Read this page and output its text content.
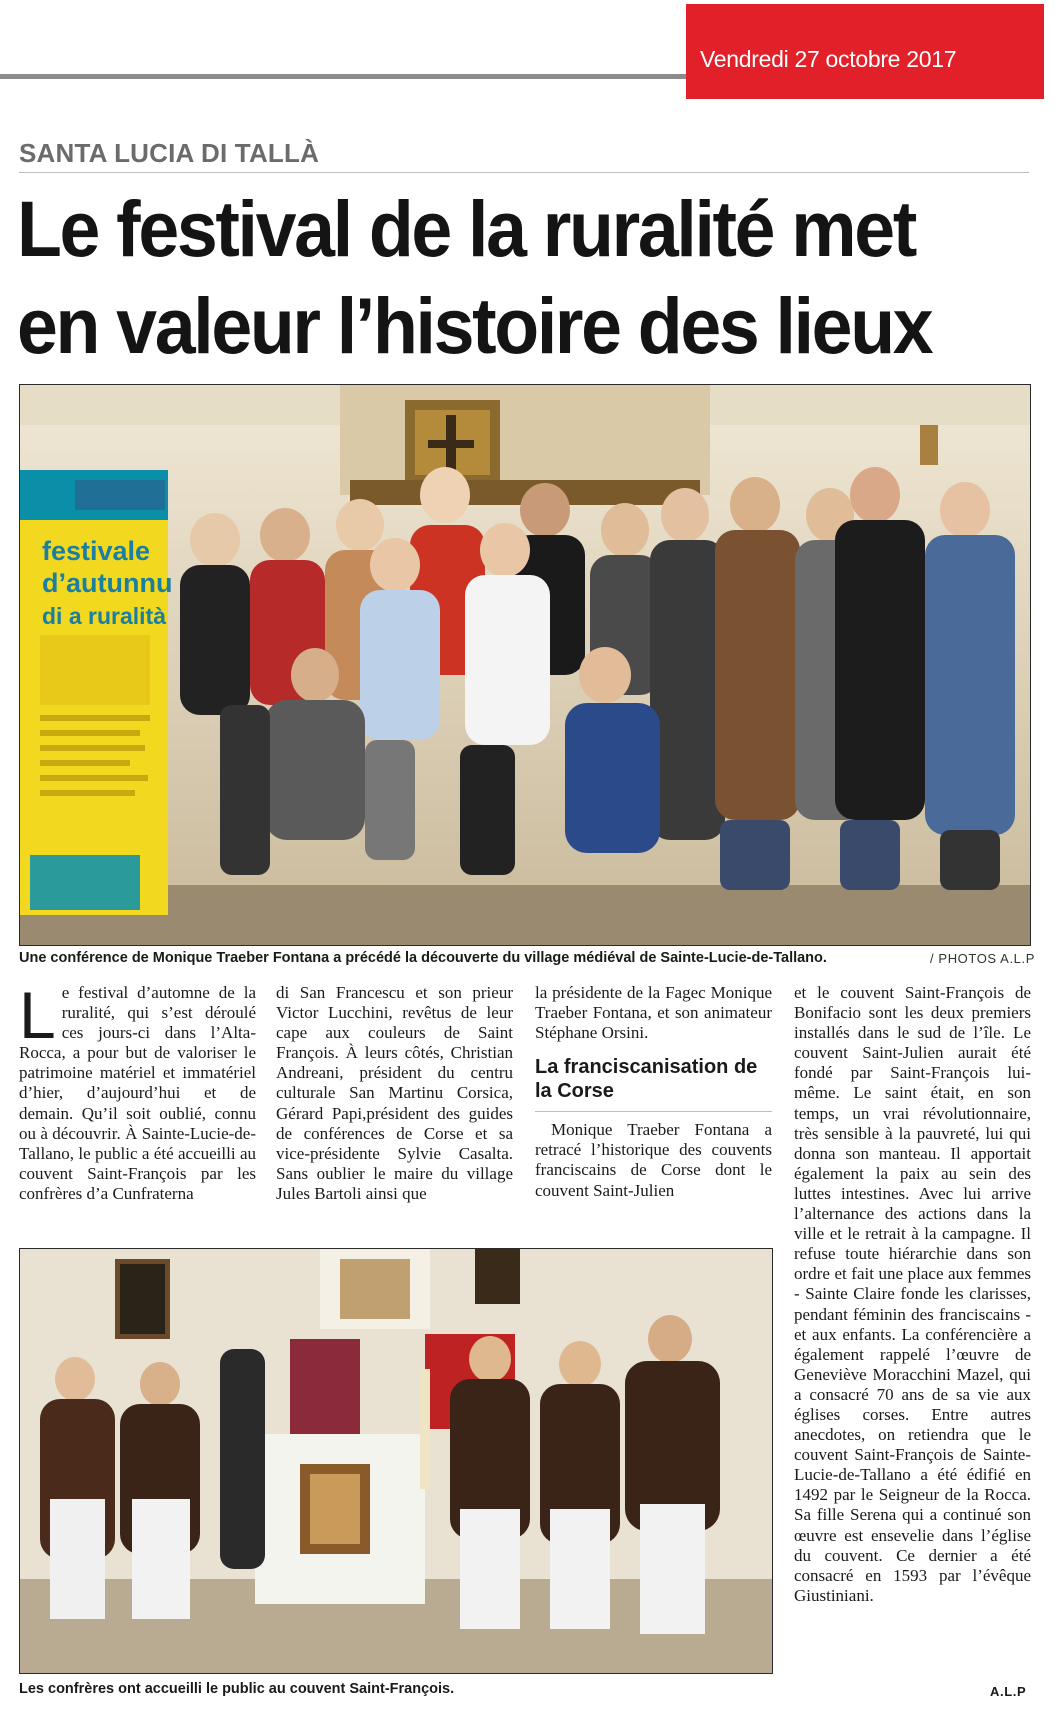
Vendredi 27 octobre 2017
SANTA LUCIA DI TALLÀ
Le festival de la ruralité met
en valeur l’histoire des lieux
festivale
d’autunnu
di a ruralità
Une conférence de Monique Traeber Fontana a précédé la découverte du village médiéval de Sainte-Lucie-de-Tallano.	/ PHOTOS A.L.P
L e festival d’automne de la ruralité, qui s’est déroulé ces jours-ci dans l’Alta-Rocca, a pour but de valoriser le patrimoine matériel et immatériel d’hier, d’aujourd’hui et de demain. Qu’il soit oublié, connu ou à découvrir. À Sainte-Lucie-de-Tallano, le public a été accueilli au couvent Saint-François par les confrères d’a Cunfraterna

di San Francescu et son prieur Victor Lucchini, revêtus de leur cape aux couleurs de Saint François. À leurs côtés, Christian Andreani, président du centru culturale San Martinu Corsica, Gérard Papi,président des guides de conférences de Corse et sa vice-présidente Sylvie Casalta. Sans oublier le maire du village Jules Bartoli ainsi que

la présidente de la Fagec Monique Traeber Fontana, et son animateur Stéphane Orsini.

La franciscanisation de la Corse

Monique Traeber Fontana a retracé l’historique des couvents franciscains de Corse dont le couvent Saint-Julien

et le couvent Saint-François de Bonifacio sont les deux premiers installés dans le sud de l’île. Le couvent Saint-Julien aurait été fondé par Saint-François lui-même. Le saint était, en son temps, un vrai révolutionnaire, très sensible à la pauvreté, lui qui donna son manteau. Il apportait également la paix au sein des luttes intestines. Avec lui arrive l’alternance des actions dans la ville et le retrait à la campagne. Il refuse toute hiérarchie dans son ordre et fait une place aux femmes - Sainte Claire fonde les clarisses, pendant féminin des franciscains - et aux enfants. La conférencière a également rappelé l’œuvre de Geneviève Moracchini Mazel, qui a consacré 70 ans de sa vie aux églises corses. Entre autres anecdotes, on retiendra que le couvent Saint-François de Sainte-Lucie-de-Tallano a été édifié en 1492 par le Seigneur de la Rocca. Sa fille Serena qui a continué son œuvre est ensevelie dans l’église du couvent. Ce dernier a été consacré en 1593 par l’évêque Giustiniani.

A.L.P
Les confrères ont accueilli le public au couvent Saint-François.
